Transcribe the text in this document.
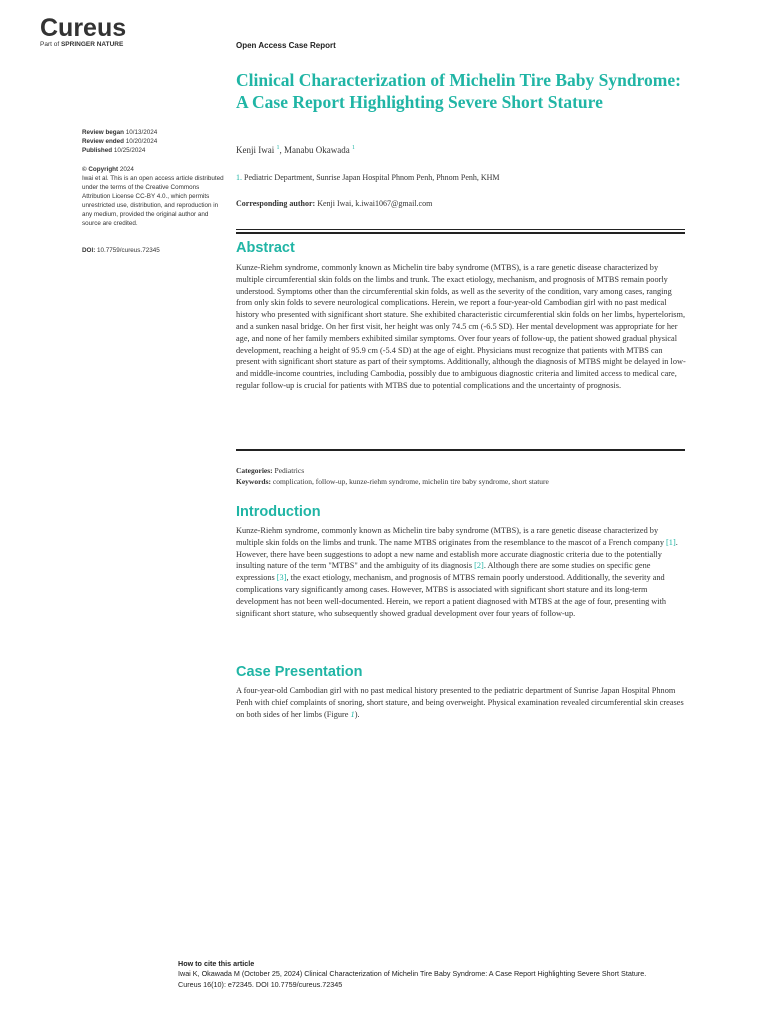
Cureus
Part of SPRINGER NATURE	Open Access Case Report
Clinical Characterization of Michelin Tire Baby Syndrome: A Case Report Highlighting Severe Short Stature
Kenji Iwai $^1$, Manabu Okawada $^1$
1. Pediatric Department, Sunrise Japan Hospital Phnom Penh, Phnom Penh, KHM
Corresponding author: Kenji Iwai, k.iwai1067@gmail.com
Review began 10/13/2024
Review ended 10/20/2024
Published 10/25/2024
© Copyright 2024
Iwai et al. This is an open access article distributed under the terms of the Creative Commons Attribution License CC-BY 4.0., which permits unrestricted use, distribution, and reproduction in any medium, provided the original author and source are credited.
DOI: 10.7759/cureus.72345	Abstract
Kunze-Riehm syndrome, commonly known as Michelin tire baby syndrome (MTBS), is a rare genetic disease characterized by multiple circumferential skin folds on the limbs and trunk. The exact etiology, mechanism, and prognosis of MTBS remain poorly understood. Symptoms other than the circumferential skin folds, as well as the severity of the condition, vary among cases, ranging from only skin folds to severe neurological complications. Herein, we report a four-year-old Cambodian girl with no past medical history who presented with significant short stature. She exhibited characteristic circumferential skin folds on her limbs, hypertelorism, and a sunken nasal bridge. On her first visit, her height was only 74.5 cm (-6.5 SD). Her mental development was appropriate for her age, and none of her family members exhibited similar symptoms. Over four years of follow-up, the patient showed gradual physical development, reaching a height of 95.9 cm (-5.4 SD) at the age of eight. Physicians must recognize that patients with MTBS can present with significant short stature as part of their symptoms. Additionally, although the diagnosis of MTBS might be delayed in low- and middle-income countries, including Cambodia, possibly due to ambiguous diagnostic criteria and limited access to medical care, regular follow-up is crucial for patients with MTBS due to potential complications and the uncertainty of prognosis.
Categories: Pediatrics
Keywords: complication, follow-up, kunze-riehm syndrome, michelin tire baby syndrome, short stature
Introduction
Kunze-Riehm syndrome, commonly known as Michelin tire baby syndrome (MTBS), is a rare genetic disease characterized by multiple skin folds on the limbs and trunk. The name MTBS originates from the resemblance to the mascot of a French company [1]. However, there have been suggestions to adopt a new name and establish more accurate diagnostic criteria due to the potentially insulting nature of the term "MTBS" and the ambiguity of its diagnosis [2]. Although there are some studies on specific gene expressions [3], the exact etiology, mechanism, and prognosis of MTBS remain poorly understood. Additionally, the severity and complications vary significantly among cases. However, MTBS is associated with significant short stature and its long-term development has not been well-documented. Herein, we report a patient diagnosed with MTBS at the age of four, presenting with significant short stature, who subsequently showed gradual development over four years of follow-up.
Case Presentation
A four-year-old Cambodian girl with no past medical history presented to the pediatric department of Sunrise Japan Hospital Phnom Penh with chief complaints of snoring, short stature, and being overweight. Physical examination revealed circumferential skin creases on both sides of her limbs (Figure 1).
How to cite this article
Iwai K, Okawada M (October 25, 2024) Clinical Characterization of Michelin Tire Baby Syndrome: A Case Report Highlighting Severe Short Stature.
Cureus 16(10): e72345. DOI 10.7759/cureus.72345
